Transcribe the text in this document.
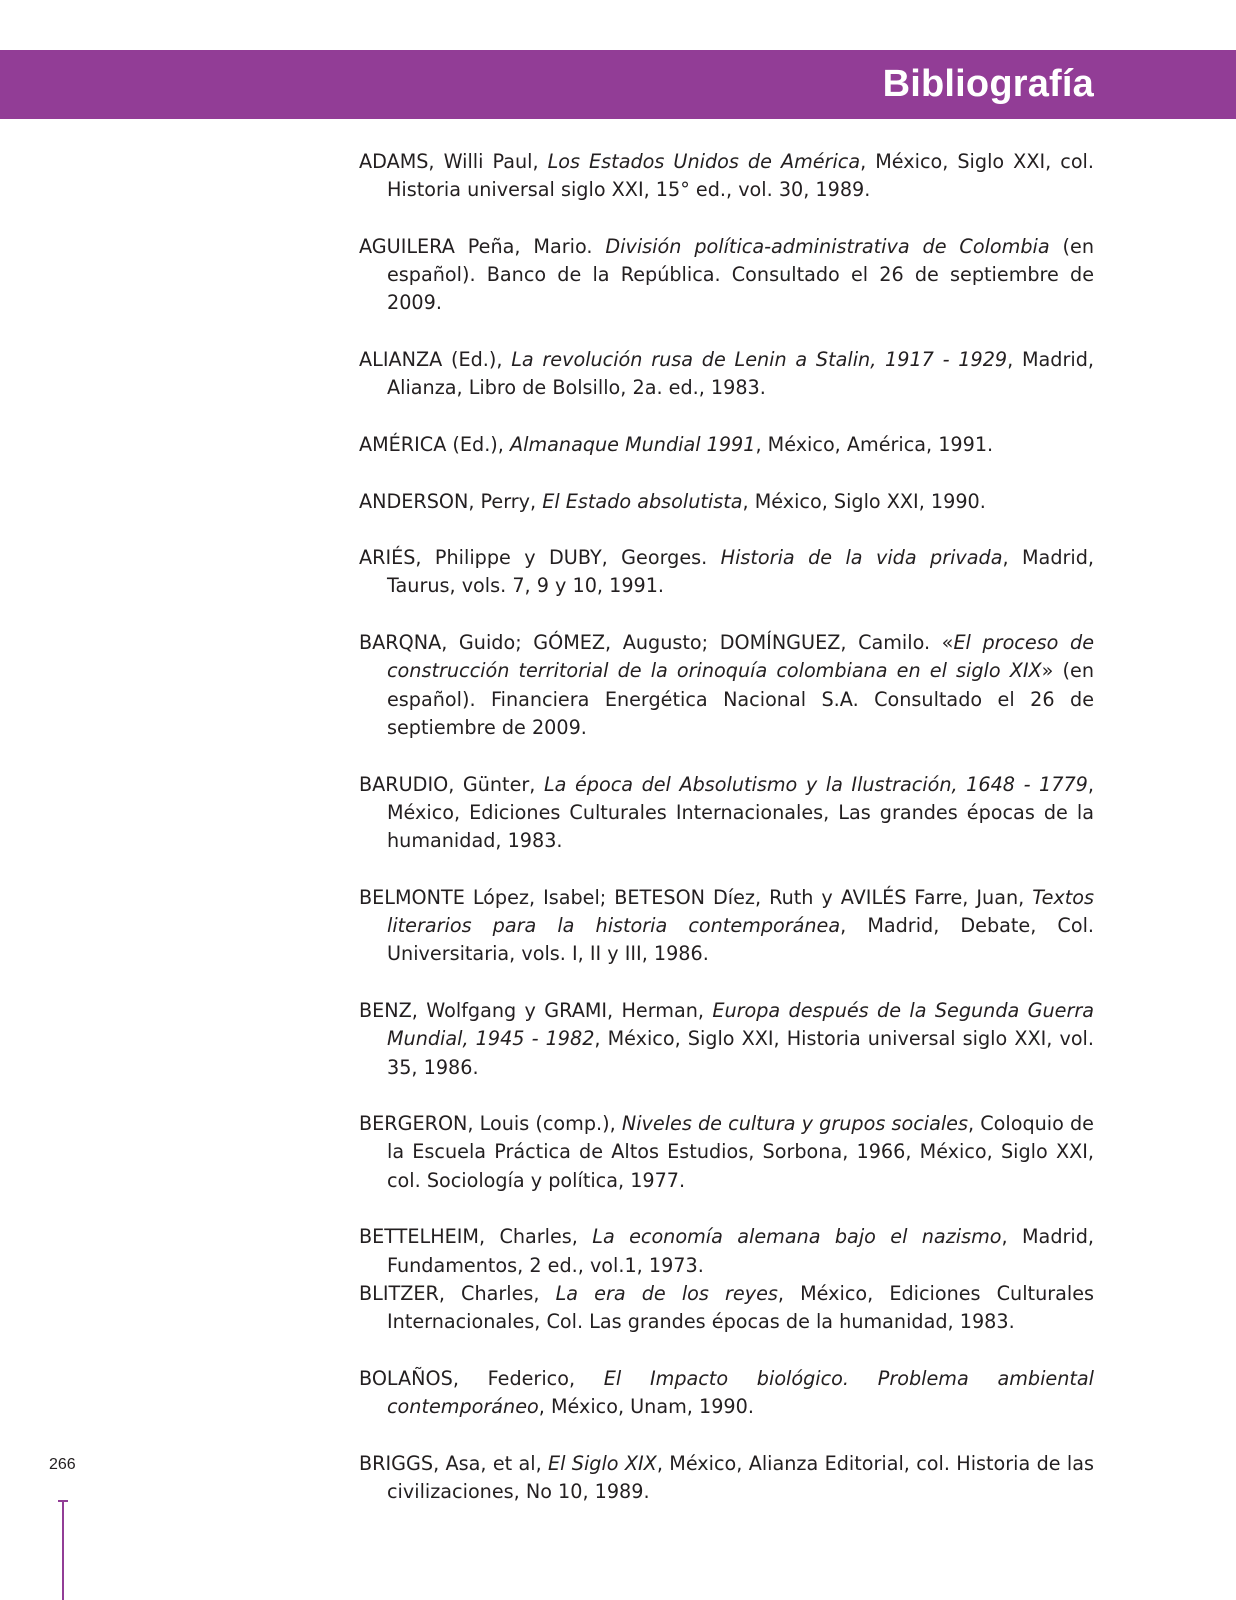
Bibliografía

ADAMS, Willi Paul, Los Estados Unidos de América, México, Siglo XXI, col. Historia universal siglo XXI, 15° ed., vol. 30, 1989.

AGUILERA Peña, Mario. División política-administrativa de Colombia (en español). Banco de la República. Consultado el 26 de septiembre de 2009.

ALIANZA (Ed.), La revolución rusa de Lenin a Stalin, 1917 - 1929, Madrid, Alianza, Libro de Bolsillo, 2a. ed., 1983.

AMÉRICA (Ed.), Almanaque Mundial 1991, México, América, 1991.

ANDERSON, Perry, El Estado absolutista, México, Siglo XXI, 1990.

ARIÉS, Philippe y DUBY, Georges. Historia de la vida privada, Madrid, Taurus, vols. 7, 9 y 10, 1991.

BARQNA, Guido; GÓMEZ, Augusto; DOMÍNGUEZ, Camilo. «El proceso de construcción territorial de la orinoquía colombiana en el siglo XIX» (en español). Financiera Energética Nacional S.A. Consultado el 26 de septiembre de 2009.

BARUDIO, Günter, La época del Absolutismo y la Ilustración, 1648 - 1779, México, Ediciones Culturales Internacionales, Las grandes épocas de la humanidad, 1983.

BELMONTE López, Isabel; BETESON Díez, Ruth y AVILÉS Farre, Juan, Textos literarios para la historia contemporánea, Madrid, Debate, Col. Universitaria, vols. I, II y III, 1986.

BENZ, Wolfgang y GRAMI, Herman, Europa después de la Segunda Guerra Mundial, 1945 - 1982, México, Siglo XXI, Historia universal siglo XXI, vol. 35, 1986.

BERGERON, Louis (comp.), Niveles de cultura y grupos sociales, Coloquio de la Escuela Práctica de Altos Estudios, Sorbona, 1966, México, Siglo XXI, col. Sociología y política, 1977.

BETTELHEIM, Charles, La economía alemana bajo el nazismo, Madrid, Fundamentos, 2 ed., vol.1, 1973.

BLITZER, Charles, La era de los reyes, México, Ediciones Culturales Internacionales, Col. Las grandes épocas de la humanidad, 1983.

BOLAÑOS, Federico, El Impacto biológico. Problema ambiental contemporáneo, México, Unam, 1990.

BRIGGS, Asa, et al, El Siglo XIX, México, Alianza Editorial, col. Historia de las civilizaciones, No 10, 1989.

266
